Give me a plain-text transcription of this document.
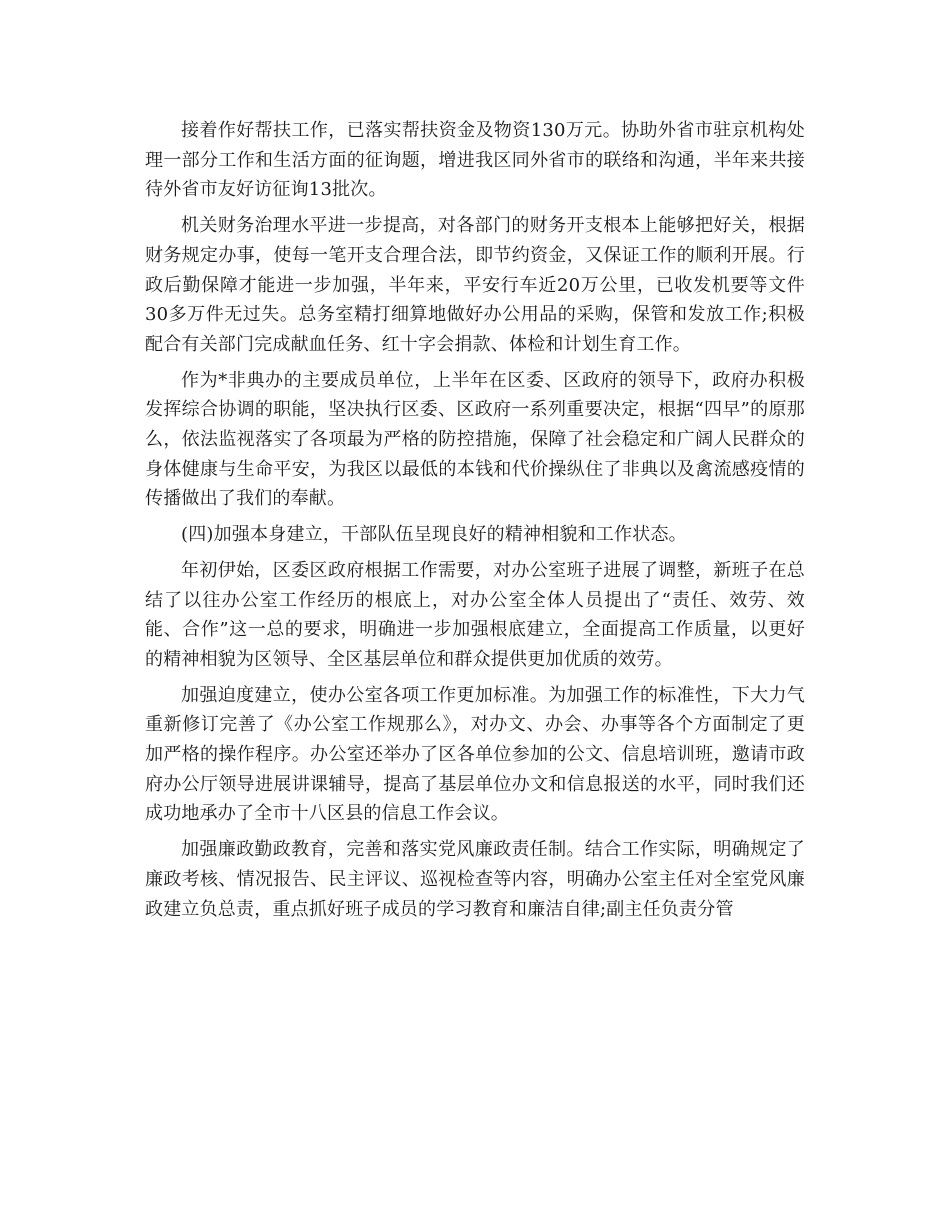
接着作好帮扶工作，已落实帮扶资金及物资130万元。协助外省市驻京机构处理一部分工作和生活方面的征询题，增进我区同外省市的联络和沟通，半年来共接待外省市友好访征询13批次。

机关财务治理水平进一步提高，对各部门的财务开支根本上能够把好关，根据财务规定办事，使每一笔开支合理合法，即节约资金，又保证工作的顺利开展。行政后勤保障才能进一步加强，半年来，平安行车近20万公里，已收发机要等文件30多万件无过失。总务室精打细算地做好办公用品的采购，保管和发放工作;积极配合有关部门完成献血任务、红十字会捐款、体检和计划生育工作。

作为*非典办的主要成员单位，上半年在区委、区政府的领导下，政府办积极发挥综合协调的职能，坚决执行区委、区政府一系列重要决定，根据“四早”的原那么，依法监视落实了各项最为严格的防控措施，保障了社会稳定和广阔人民群众的身体健康与生命平安，为我区以最低的本钱和代价操纵住了非典以及禽流感疫情的传播做出了我们的奉献。

(四)加强本身建立，干部队伍呈现良好的精神相貌和工作状态。

年初伊始，区委区政府根据工作需要，对办公室班子进展了调整，新班子在总结了以往办公室工作经历的根底上，对办公室全体人员提出了“责任、效劳、效能、合作”这一总的要求，明确进一步加强根底建立，全面提高工作质量，以更好的精神相貌为区领导、全区基层单位和群众提供更加优质的效劳。

加强迫度建立，使办公室各项工作更加标准。为加强工作的标准性，下大力气重新修订完善了《办公室工作规那么》，对办文、办会、办事等各个方面制定了更加严格的操作程序。办公室还举办了区各单位参加的公文、信息培训班，邀请市政府办公厅领导进展讲课辅导，提高了基层单位办文和信息报送的水平，同时我们还成功地承办了全市十八区县的信息工作会议。

加强廉政勤政教育，完善和落实党风廉政责任制。结合工作实际，明确规定了廉政考核、情况报告、民主评议、巡视检查等内容，明确办公室主任对全室党风廉政建立负总责，重点抓好班子成员的学习教育和廉洁自律;副主任负责分管
